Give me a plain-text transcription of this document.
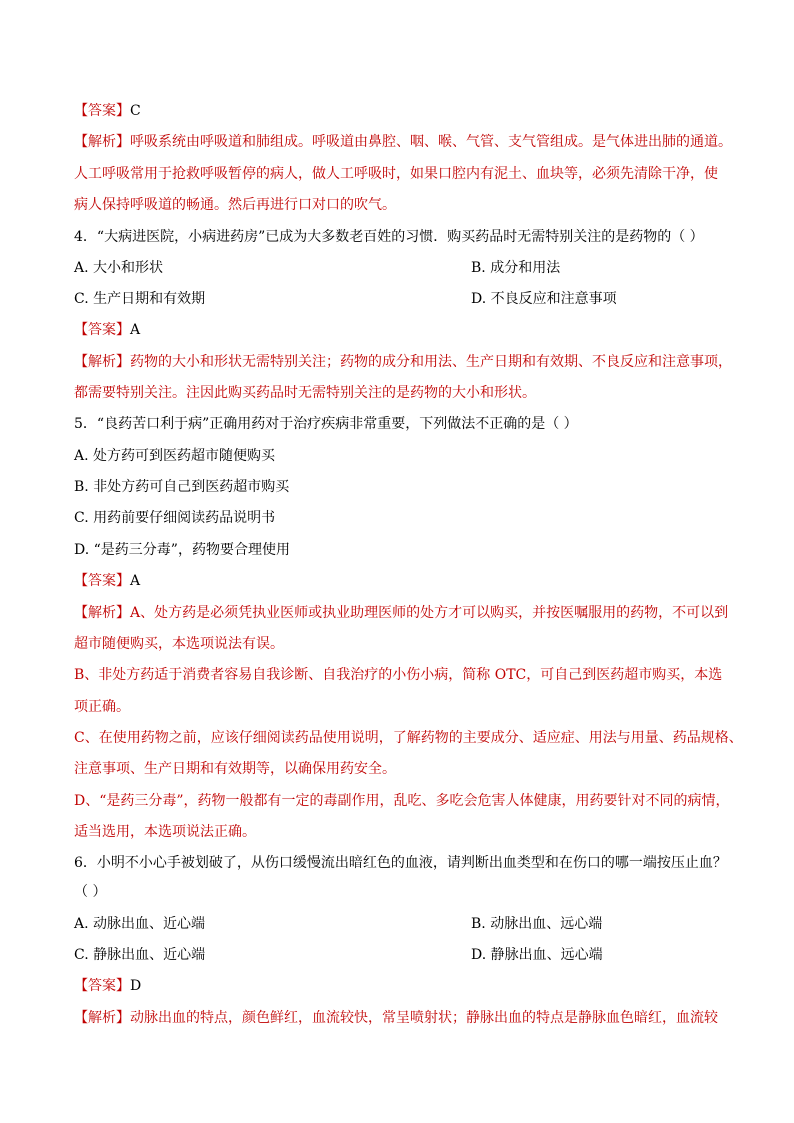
【答案】C
【解析】呼吸系统由呼吸道和肺组成。呼吸道由鼻腔、咽、喉、气管、支气管组成。是气体进出肺的通道。
人工呼吸常用于抢救呼吸暂停的病人，做人工呼吸时，如果口腔内有泥土、血块等，必须先清除干净，使
病人保持呼吸道的畅通。然后再进行口对口的吹气。
4．“大病进医院，小病进药房”已成为大多数老百姓的习惯．购买药品时无需特别关注的是药物的（ ）
A. 大小和形状	B. 成分和用法
C. 生产日期和有效期	D. 不良反应和注意事项
【答案】A
【解析】药物的大小和形状无需特别关注；药物的成分和用法、生产日期和有效期、不良反应和注意事项，
都需要特别关注。注因此购买药品时无需特别关注的是药物的大小和形状。
5．“良药苦口利于病”正确用药对于治疗疾病非常重要，下列做法不正确的是（ ）
A. 处方药可到医药超市随便购买
B. 非处方药可自己到医药超市购买
C. 用药前要仔细阅读药品说明书
D. “是药三分毒”，药物要合理使用
【答案】A
【解析】A、处方药是必须凭执业医师或执业助理医师的处方才可以购买，并按医嘱服用的药物，不可以到
超市随便购买，本选项说法有误。
B、非处方药适于消费者容易自我诊断、自我治疗的小伤小病，简称 OTC，可自己到医药超市购买，本选
项正确。
C、在使用药物之前，应该仔细阅读药品使用说明，了解药物的主要成分、适应症、用法与用量、药品规格、
注意事项、生产日期和有效期等，以确保用药安全。
D、“是药三分毒”，药物一般都有一定的毒副作用，乱吃、多吃会危害人体健康，用药要针对不同的病情，
适当选用，本选项说法正确。
6．小明不小心手被划破了，从伤口缓慢流出暗红色的血液，请判断出血类型和在伤口的哪一端按压止血？
（ ）
A. 动脉出血、近心端	B. 动脉出血、远心端
C. 静脉出血、近心端	D. 静脉出血、远心端
【答案】D
【解析】动脉出血的特点，颜色鲜红，血流较快，常呈喷射状；静脉出血的特点是静脉血色暗红，血流较
